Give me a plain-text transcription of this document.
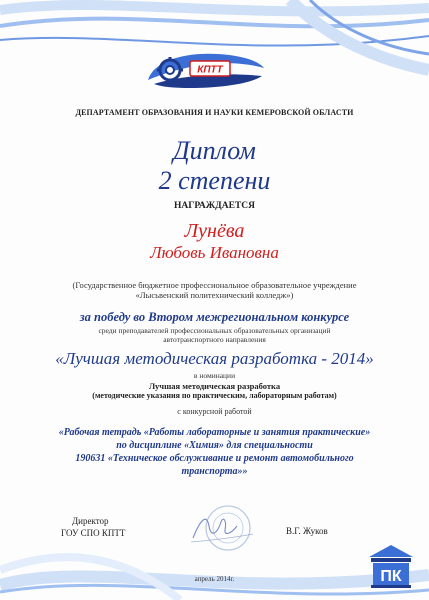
КПТТ
ДЕПАРТАМЕНТ ОБРАЗОВАНИЯ И НАУКИ КЕМЕРОВСКОЙ ОБЛАСТИ
Диплом
2 степени
НАГРАЖДАЕТСЯ
Лунёва
Любовь Ивановна
(Государственное бюджетное профессиональное образовательное учреждение
«Лысьвенский политехнический колледж»)
за победу во Втором межрегиональном конкурсе
среди преподавателей профессиональных образовательных организаций
автотранспортного направления
«Лучшая методическая разработка - 2014»
в номинации
Лучшая методическая разработка
(методические указания по практическим, лабораторным работам)
с конкурсной работой
«Рабочая тетрадь «Работы лабораторные и занятия практические»
по дисциплине «Химия» для специальности
190631 «Техническое обслуживание и ремонт автомобильного
транспорта»»
Директор
ГОУ СПО КПТТ	В.Г. Жуков
апрель 2014г.	ПК
